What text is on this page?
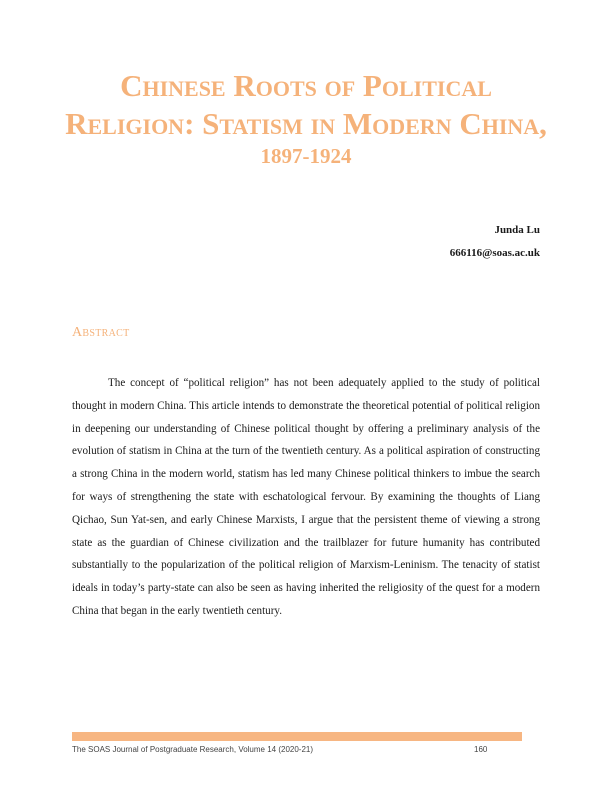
Chinese Roots of Political
Religion: Statism in Modern China,
1897-1924
Junda Lu
666116@soas.ac.uk
Abstract

The concept of “political religion” has not been adequately applied to the study of political thought in modern China. This article intends to demonstrate the theoretical potential of political religion in deepening our understanding of Chinese political thought by offering a preliminary analysis of the evolution of statism in China at the turn of the twentieth century. As a political aspiration of constructing a strong China in the modern world, statism has led many Chinese political thinkers to imbue the search for ways of strengthening the state with eschatological fervour. By examining the thoughts of Liang Qichao, Sun Yat-sen, and early Chinese Marxists, I argue that the persistent theme of viewing a strong state as the guardian of Chinese civilization and the trailblazer for future humanity has contributed substantially to the popularization of the political religion of Marxism-Leninism. The tenacity of statist ideals in today’s party-state can also be seen as having inherited the religiosity of the quest for a modern China that began in the early twentieth century.

The SOAS Journal of Postgraduate Research, Volume 14 (2020-21)	160
